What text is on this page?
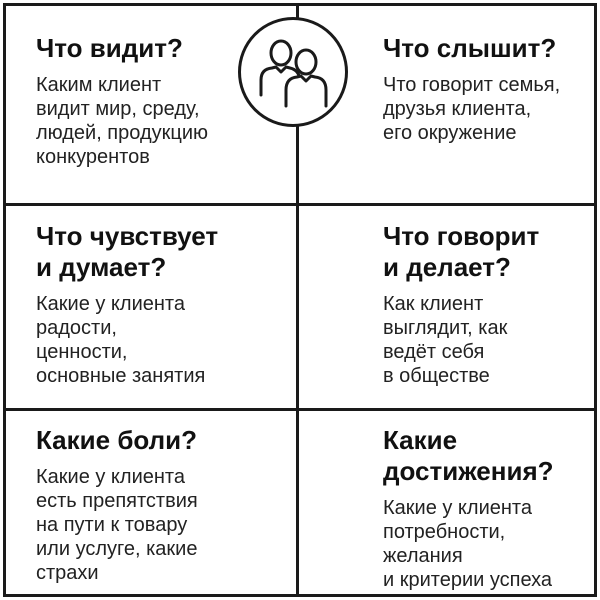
Что видит?

Каким клиент
видит мир, среду,
людей, продукцию
конкурентов

Что слышит?

Что говорит семья,
друзья клиента,
его окружение

Что чувствует
и думает?

Какие у клиента
радости,
ценности,
основные занятия

Что говорит
и делает?

Как клиент
выглядит, как
ведёт себя
в обществе

Какие боли?

Какие у клиента
есть препятствия
на пути к товару
или услуге, какие
страхи

Какие
достижения?

Какие у клиента
потребности,
желания
и критерии успеха
